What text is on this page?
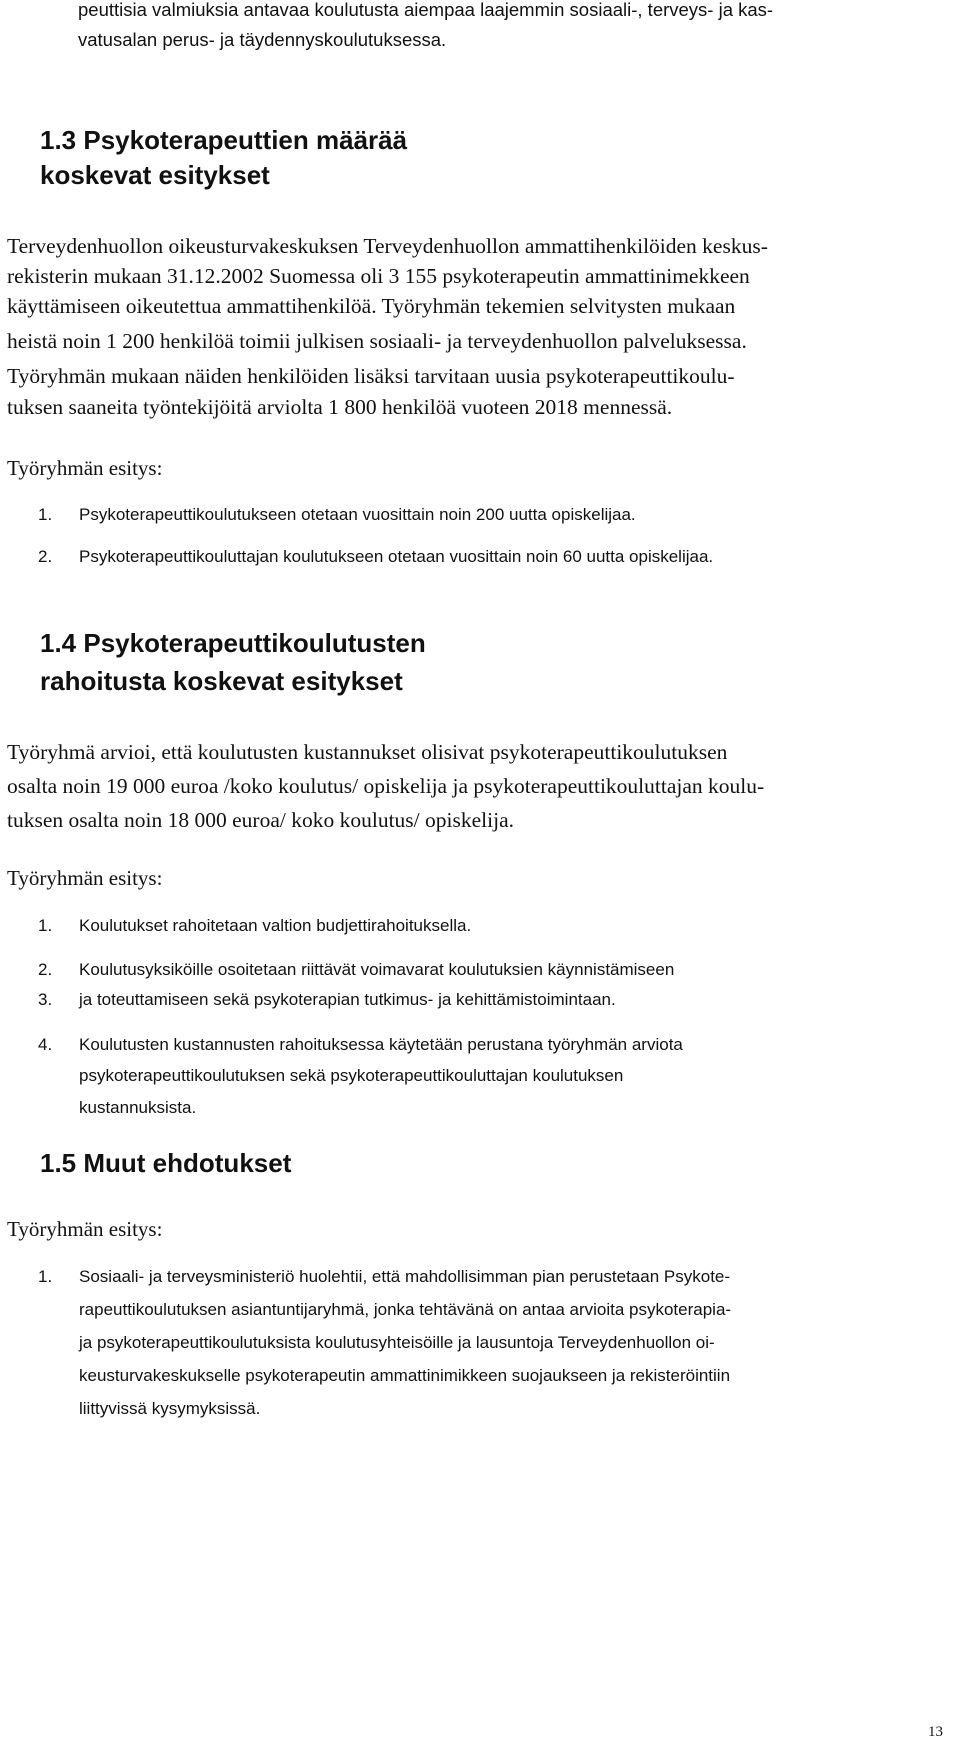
peuttisia valmiuksia antavaa koulutusta aiempaa laajemmin sosiaali-, terveys- ja kas-

vatusalan perus- ja täydennyskoulutuksessa.

1.3 Psykoterapeuttien määrää
koskevat esitykset

Terveydenhuollon oikeusturvakeskuksen Terveydenhuollon ammattihenkilöiden keskus-

rekisterin mukaan 31.12.2002 Suomessa oli 3 155 psykoterapeutin ammattinimekkeen

käyttämiseen oikeutettua ammattihenkilöä. Työryhmän tekemien selvitysten mukaan

heistä noin 1 200 henkilöä toimii julkisen sosiaali- ja terveydenhuollon palveluksessa.

Työryhmän mukaan näiden henkilöiden lisäksi tarvitaan uusia psykoterapeuttikoulu-

tuksen saaneita työntekijöitä arviolta 1 800 henkilöä vuoteen 2018 mennessä.

Työryhmän esitys:

1. Psykoterapeuttikoulutukseen otetaan vuosittain noin 200 uutta opiskelijaa.
2. Psykoterapeuttikouluttajan koulutukseen otetaan vuosittain noin 60 uutta opiskelijaa.
1.4 Psykoterapeuttikoulutusten
rahoitusta koskevat esitykset

Työryhmä arvioi, että koulutusten kustannukset olisivat psykoterapeuttikoulutuksen

osalta noin 19 000 euroa /koko koulutus/ opiskelija ja psykoterapeuttikouluttajan koulu-

tuksen osalta noin 18 000 euroa/ koko koulutus/ opiskelija.

Työryhmän esitys:

1. Koulutukset rahoitetaan valtion budjettirahoituksella.
2. Koulutusyksiköille osoitetaan riittävät voimavarat koulutuksien käynnistämiseen
3. ja toteuttamiseen sekä psykoterapian tutkimus- ja kehittämistoimintaan.
4. Koulutusten kustannusten rahoituksessa käytetään perustana työryhmän arviota
psykoterapeuttikoulutuksen sekä psykoterapeuttikouluttajan koulutuksen
kustannuksista.
1.5 Muut ehdotukset

Työryhmän esitys:

1. Sosiaali- ja terveysministeriö huolehtii, että mahdollisimman pian perustetaan Psykote-
rapeuttikoulutuksen asiantuntijaryhmä, jonka tehtävänä on antaa arvioita psykoterapia-
ja psykoterapeuttikoulutuksista koulutusyhteisöille ja lausuntoja Terveydenhuollon oi-
keusturvakeskukselle psykoterapeutin ammattinimikkeen suojaukseen ja rekisteröintiin
liittyvissä kysymyksissä.
13
